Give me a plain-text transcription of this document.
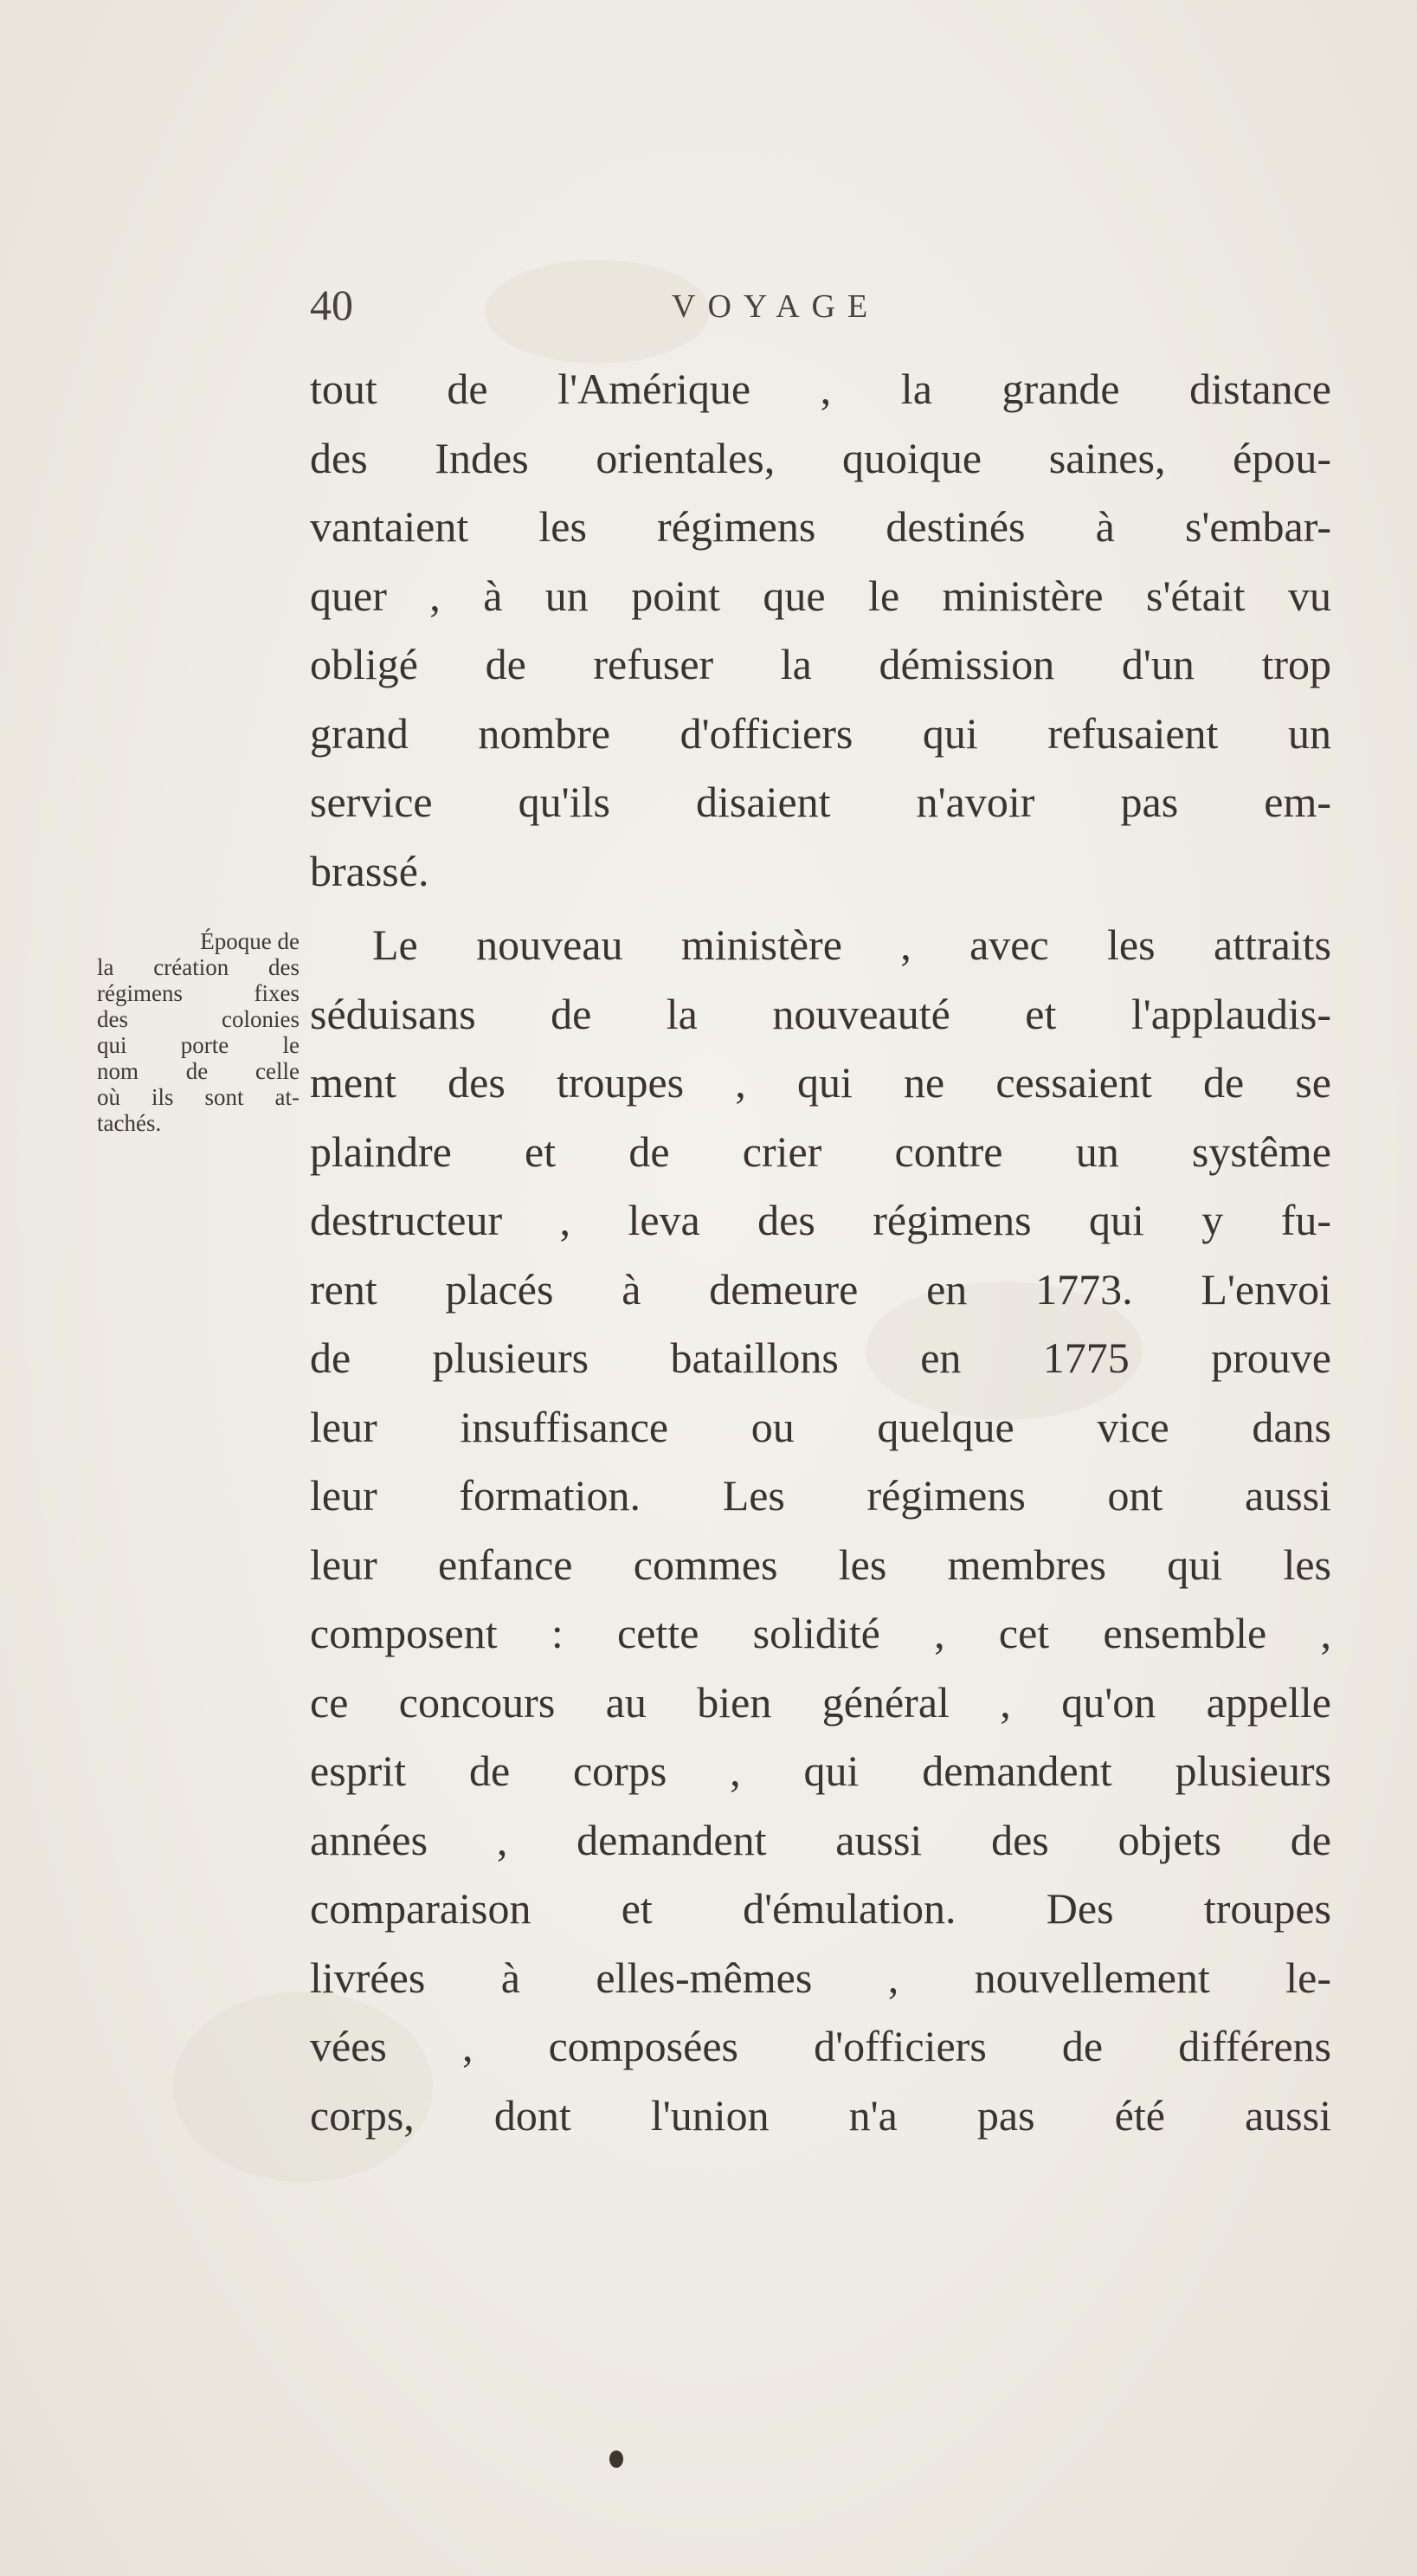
40	VOYAGE
tout de l'Amérique , la grande distance
des Indes orientales, quoique saines, épou-
vantaient les régimens destinés à s'embar-
quer , à un point que le ministère s'était vu
obligé de refuser la démission d'un trop
grand nombre d'officiers qui refusaient un
service qu'ils disaient n'avoir pas em-
brassé.
Époque de
la création des
régimens fixes
des colonies
qui porte le
nom de celle
où ils sont at-
tachés.
Le nouveau ministère , avec les attraits
séduisans de la nouveauté et l'applaudis-
ment des troupes , qui ne cessaient de se
plaindre et de crier contre un systême
destructeur , leva des régimens qui y fu-
rent placés à demeure en 1773. L'envoi
de plusieurs bataillons en 1775 prouve
leur insuffisance ou quelque vice dans
leur formation. Les régimens ont aussi
leur enfance commes les membres qui les
composent : cette solidité , cet ensemble ,
ce concours au bien général , qu'on appelle
esprit de corps , qui demandent plusieurs
années , demandent aussi des objets de
comparaison et d'émulation. Des troupes
livrées à elles-mêmes , nouvellement le-
vées , composées d'officiers de différens
corps, dont l'union n'a pas été aussi
